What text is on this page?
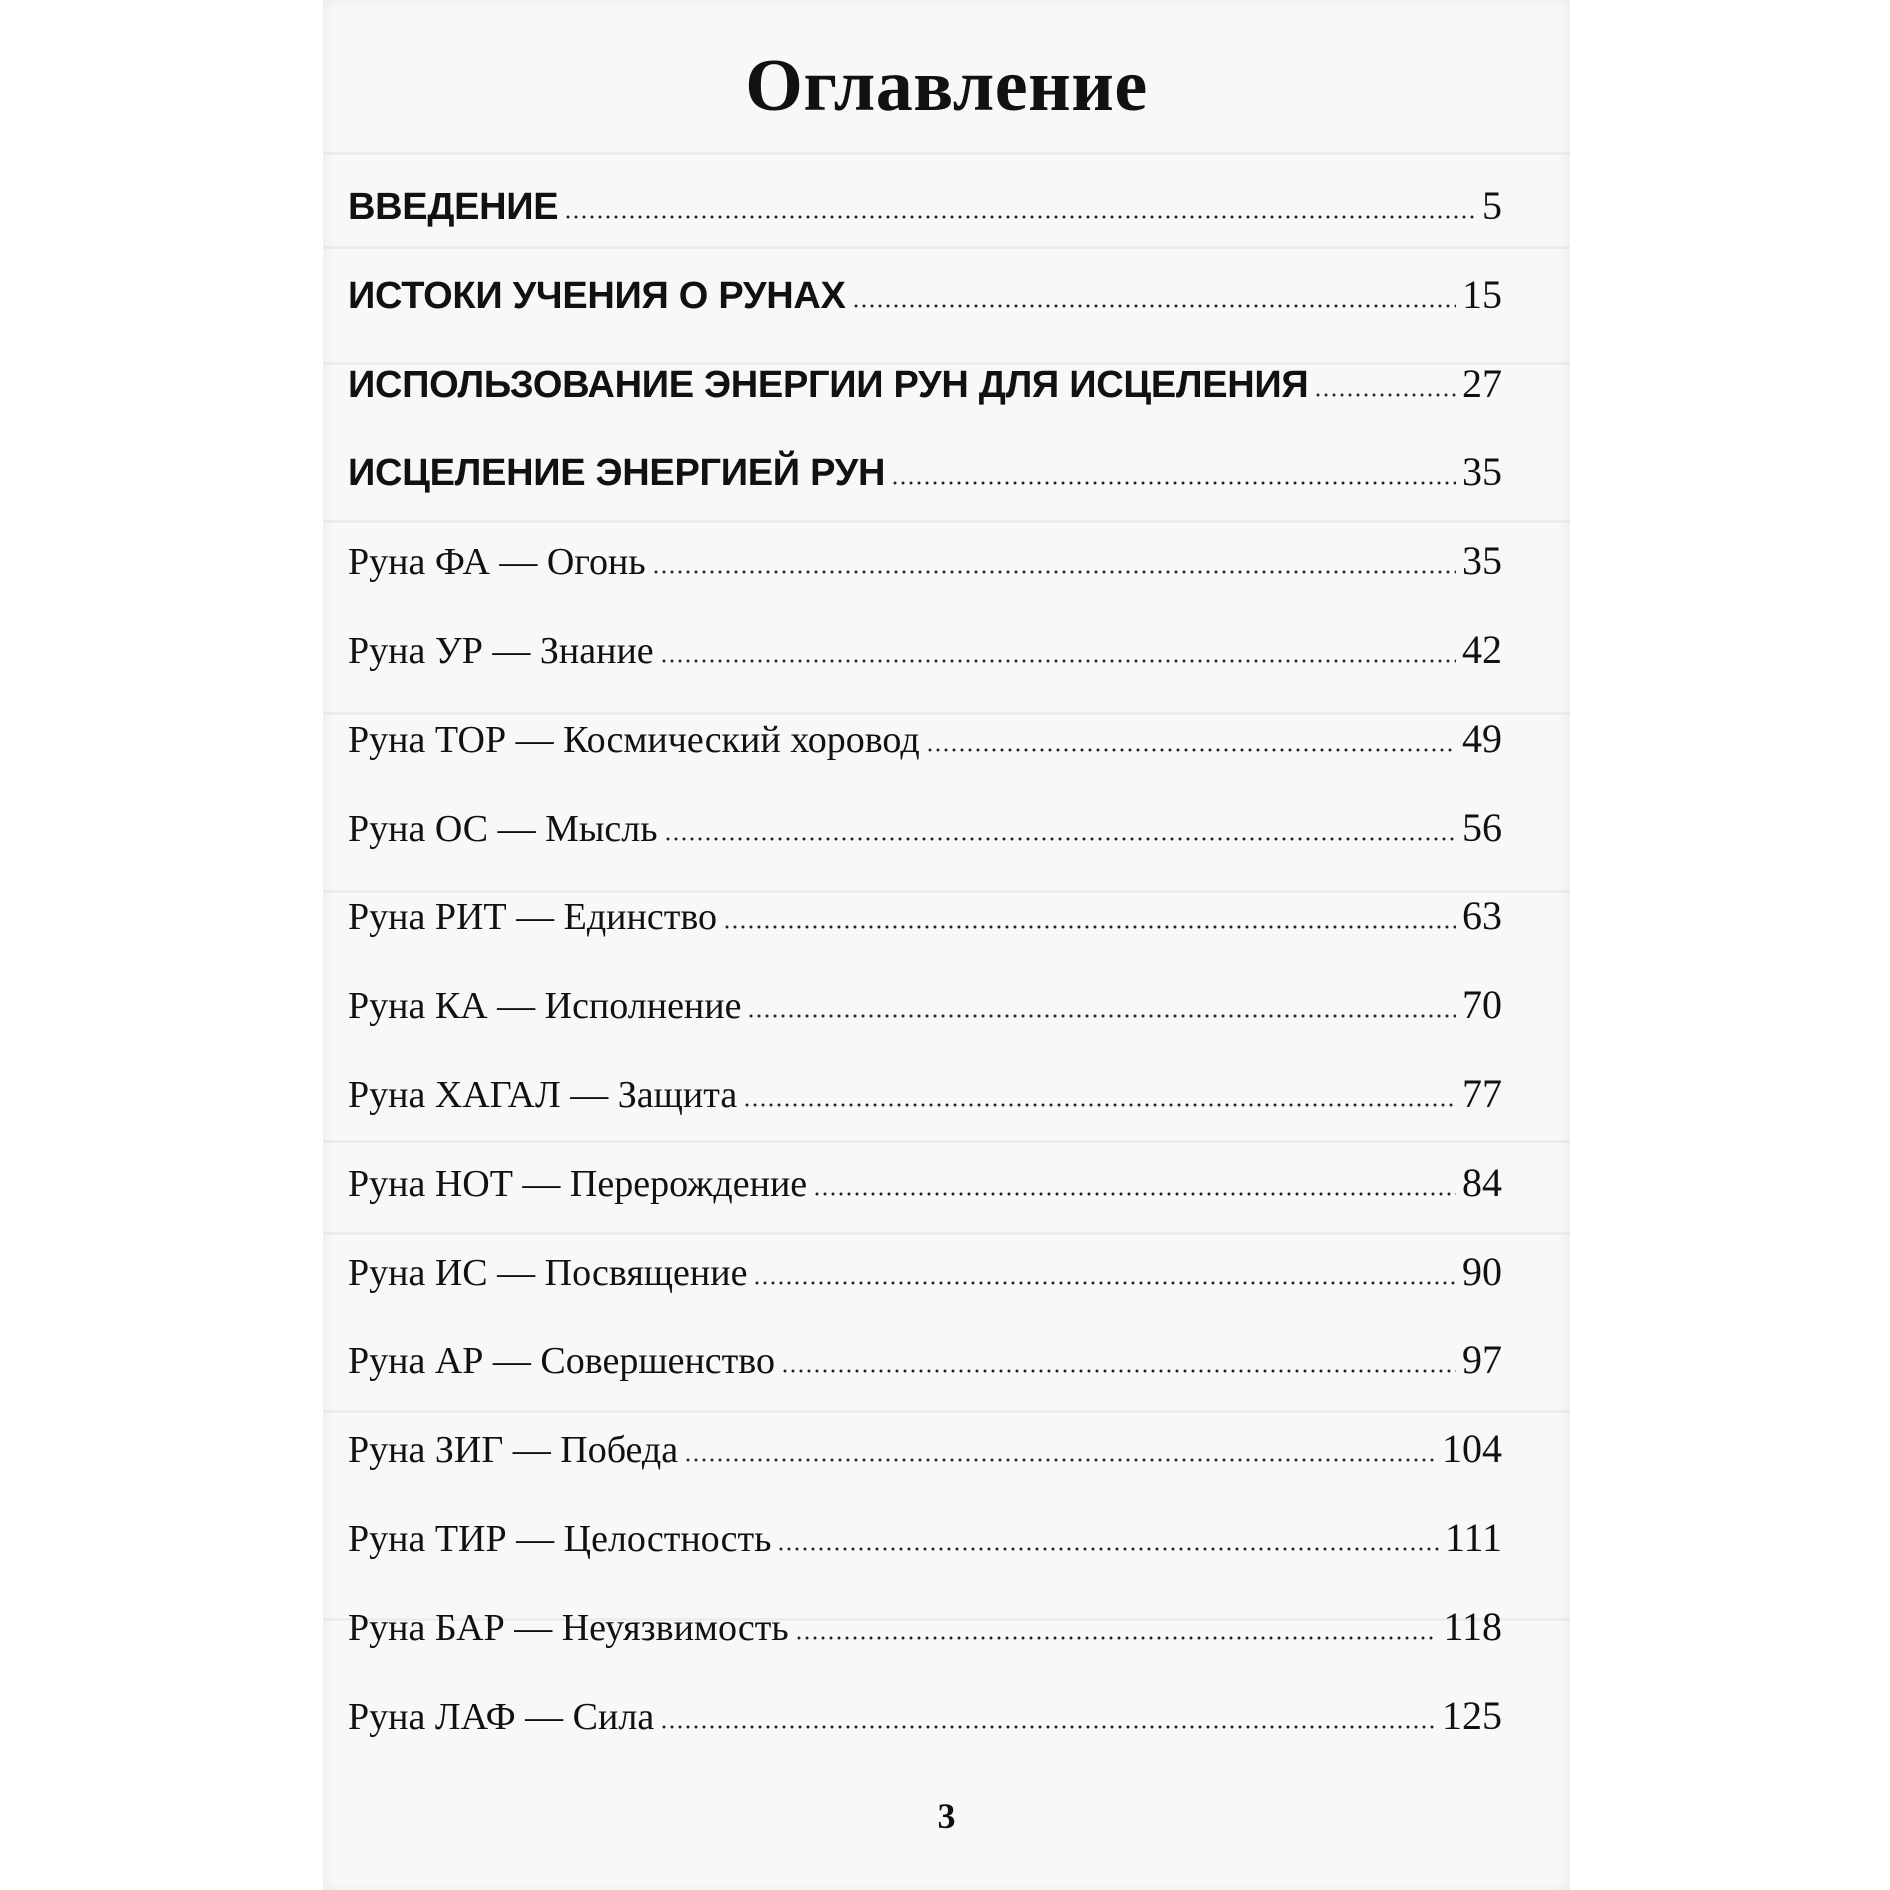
Оглавление
ВВЕДЕНИЕ	5
ИСТОКИ УЧЕНИЯ О РУНАХ	15
ИСПОЛЬЗОВАНИЕ ЭНЕРГИИ РУН ДЛЯ ИСЦЕЛЕНИЯ	27
ИСЦЕЛЕНИЕ ЭНЕРГИЕЙ РУН	35
Руна ФА — Огонь	35
Руна УР — Знание	42
Руна ТОР — Космический хоровод	49
Руна ОС — Мысль	56
Руна РИТ — Единство	63
Руна КА — Исполнение	70
Руна ХАГАЛ — Защита	77
Руна НОТ — Перерождение	84
Руна ИС — Посвящение	90
Руна АР — Совершенство	97
Руна ЗИГ — Победа	104
Руна ТИР — Целостность	111
Руна БАР — Неуязвимость	118
Руна ЛАФ — Сила	125
3
